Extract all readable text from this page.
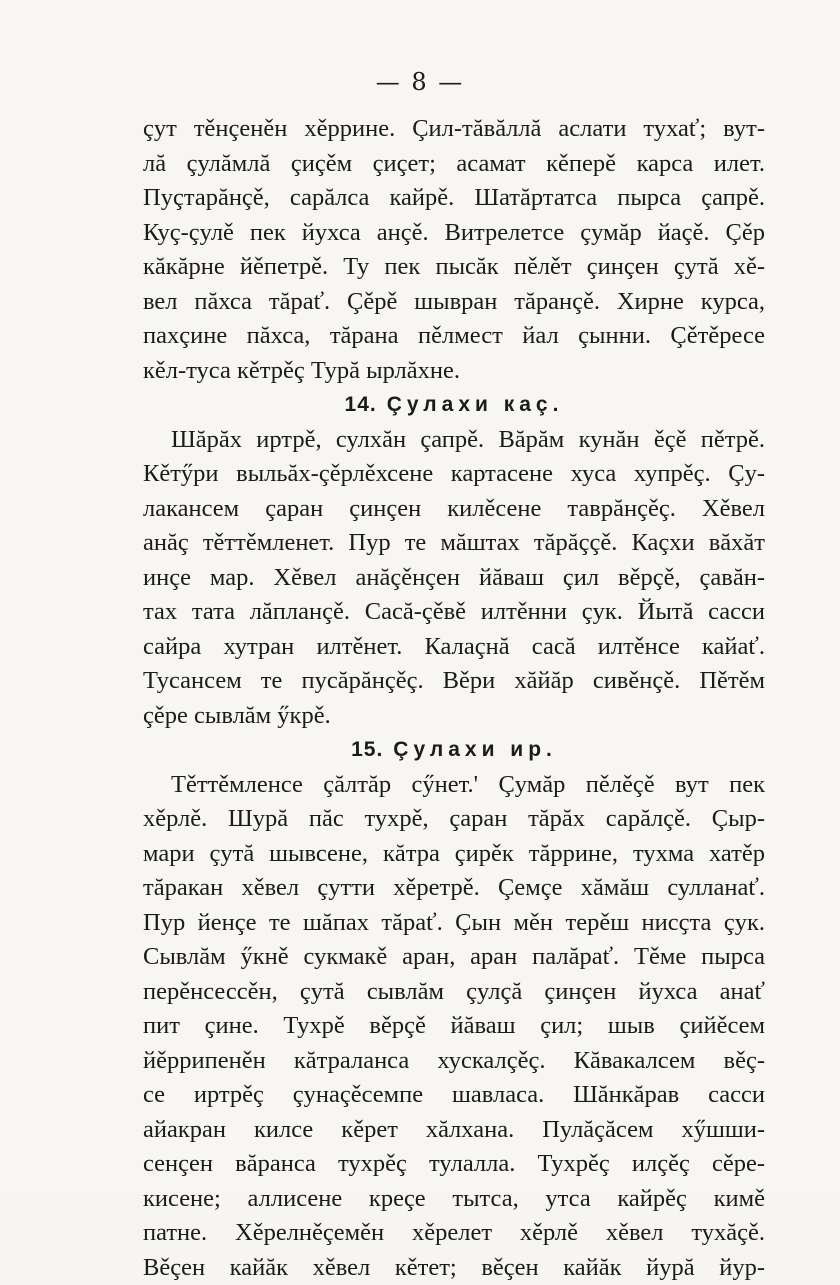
— 8 —
çут тěнçенěн хěррине. Çил-тăвăллă аслати тухаť; вут-
лă çулăмлă çиçěм çиçет; асамат кěперě карса илет.
Пуçтарăнçě, сарăлса кайрě. Шатăртатса пырса çапрě.
Куç-çулě пек йухса анçě. Витрелетсе çумăр йаçě. Çěр
кăкăрне йěпетрě. Ту пек пысăк пěлěт çинçен çутă хě-
вел пăхса тăраť. Çěрě шывран тăранçě. Хирне курса,
пахçине пăхса, тăрана пěлмест йал çынни. Çěтěресе
кěл-туса кěтрěç Турă ырлăхне.
14. Çулахи каç.
Шăрăх иртрě, сулхăн çапрě. Вăрăм кунăн ěçě пěтрě.
Кěтӳри выльăх-çěрлěхсене картасене хуса хупрěç. Çу-
лакансем çаран çинçен килěсене таврăнçěç. Хěвел
анăç тěттěмленет. Пур те мăштах тăрăççě. Каçхи вăхăт
инçе мар. Хěвел анăçěнçен йăваш çил вěрçě, çавăн-
тах тата лăпланçě. Сасă-çěвě илтěнни çук. Йытă сасси
сайра хутран илтěнет. Калаçнă сасă илтěнсе кайаť.
Тусансем те пусăрăнçěç. Вěри хăйăр сивěнçě. Пěтěм
çěре сывлăм ӳкрě.
15. Çулахи ир.
Тěттěмленсе çăлтăр сӳнет.' Çумăр пěлěçě вут пек
хěрлě. Шурă пăс тухрě, çаран тăрăх сарăлçě. Çыр-
мари çутă шывсене, кăтра çирěк тăррине, тухма хатěр
тăракан хěвел çутти хěретрě. Çемçе хăмăш сулланаť.
Пур йенçе те шăпах тăраť. Çын мěн терěш нисҫта çук.
Сывлăм ӳкнě сукмакě аран, аран палăраť. Тěме пырса
перěнсессěн, çутă сывлăм çулçă çинçен йухса анаť
пит çине. Тухрě вěрçě йăваш çил; шыв çийěсем
йěррипенěн кăтраланса хускалçěç. Кăвакалсем вěç-
се иртрěç çунаçěсемпе шавласа. Шăнкăрав сасси
айакран килсе кěрет хăлхана. Пулăçăсем хӳшши-
сенçен вăранса тухрěç тулалла. Тухрěç илçěç сěре-
кисене; аллисене креçе тытса, утса кайрěç кимě
патне. Хěрелнěçемěн хěрелет хěрлě хěвел тухăçě.
Вěçен кайăк хěвел кěтет; вěçен кайăк йурă йур-
